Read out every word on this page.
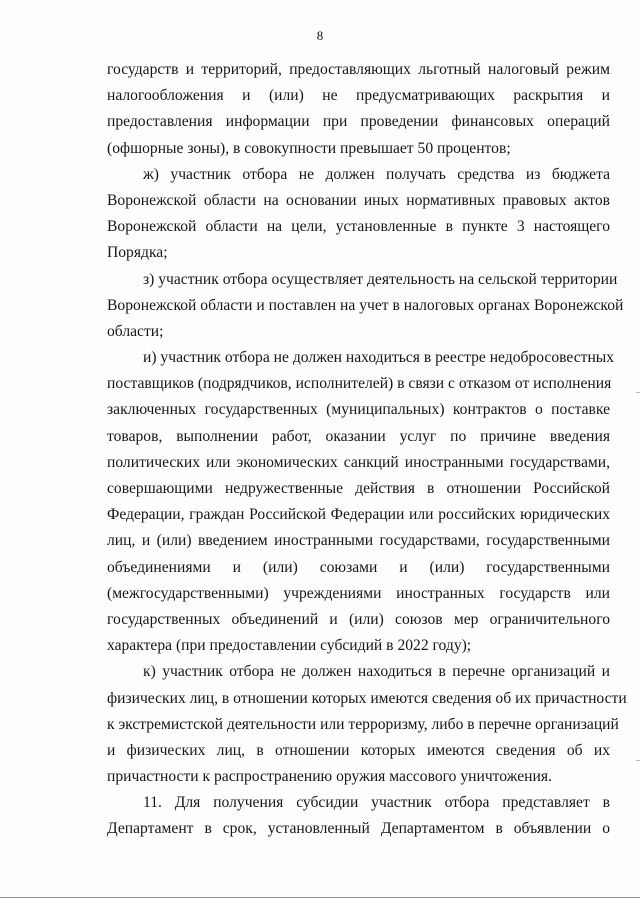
8
государств и территорий, предоставляющих льготный налоговый режим
налогообложения и (или) не предусматривающих раскрытия и
предоставления информации при проведении финансовых операций
(офшорные зоны), в совокупности превышает 50 процентов;
ж) участник отбора не должен получать средства из бюджета
Воронежской области на основании иных нормативных правовых актов
Воронежской области на цели, установленные в пункте 3 настоящего
Порядка;
з) участник отбора осуществляет деятельность на сельской территории
Воронежской области и поставлен на учет в налоговых органах Воронежской
области;
и) участник отбора не должен находиться в реестре недобросовестных
поставщиков (подрядчиков, исполнителей) в связи с отказом от исполнения
заключенных государственных (муниципальных) контрактов о поставке
товаров, выполнении работ, оказании услуг по причине введения
политических или экономических санкций иностранными государствами,
совершающими недружественные действия в отношении Российской
Федерации, граждан Российской Федерации или российских юридических
лиц, и (или) введением иностранными государствами, государственными
объединениями и (или) союзами и (или) государственными
(межгосударственными) учреждениями иностранных государств или
государственных объединений и (или) союзов мер ограничительного
характера (при предоставлении субсидий в 2022 году);
к) участник отбора не должен находиться в перечне организаций и
физических лиц, в отношении которых имеются сведения об их причастности
к экстремистской деятельности или терроризму, либо в перечне организаций
и физических лиц, в отношении которых имеются сведения об их
причастности к распространению оружия массового уничтожения.
11. Для получения субсидии участник отбора представляет в
Департамент в срок, установленный Департаментом в объявлении о
